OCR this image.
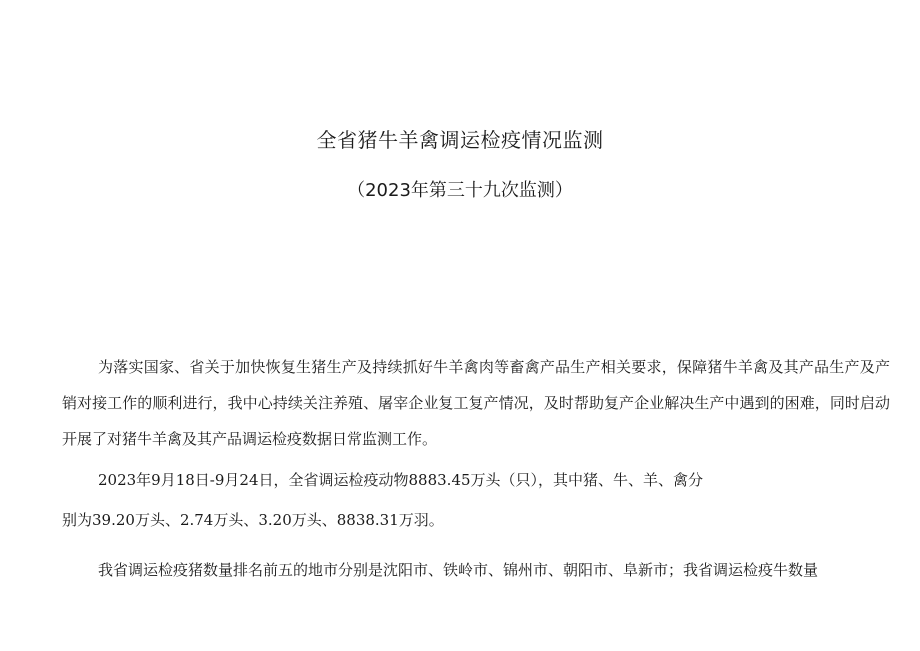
全省猪牛羊禽调运检疫情况监测
（2023年第三十九次监测）

为落实国家、省关于加快恢复生猪生产及持续抓好牛羊禽肉等畜禽产品生产相关要求，保障猪牛羊禽及其产品生产及产销对接工作的顺利进行，我中心持续关注养殖、屠宰企业复工复产情况，及时帮助复产企业解决生产中遇到的困难，同时启动开展了对猪牛羊禽及其产品调运检疫数据日常监测工作。

2023年9月18日-9月24日，全省调运检疫动物8883.45万头（只），其中猪、牛、羊、禽分

别为39.20万头、2.74万头、3.20万头、8838.31万羽。

我省调运检疫猪数量排名前五的地市分别是沈阳市、铁岭市、锦州市、朝阳市、阜新市；我省调运检疫牛数量
